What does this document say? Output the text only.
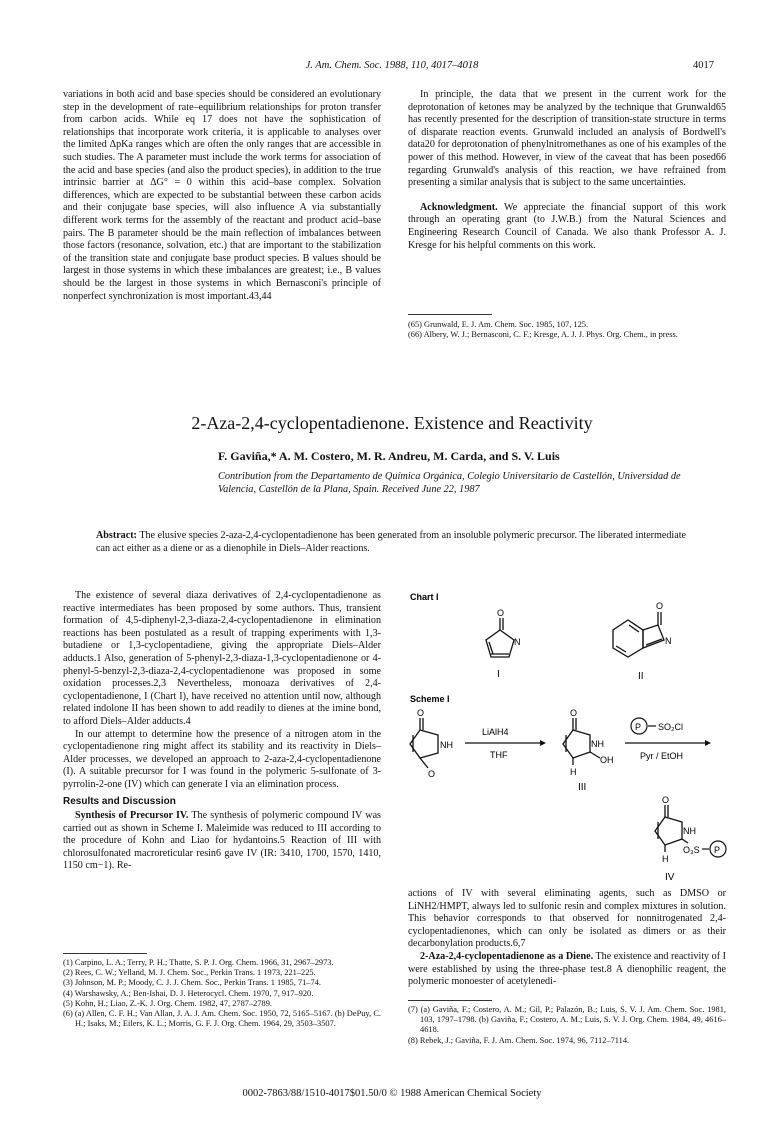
J. Am. Chem. Soc. 1988, 110, 4017–4018	4017

variations in both acid and base species should be considered an evolutionary step in the development of rate–equilibrium relationships for proton transfer from carbon acids. While eq 17 does not have the sophistication of relationships that incorporate work criteria, it is applicable to analyses over the limited ΔpKa ranges which are often the only ranges that are accessible in such studies. The A parameter must include the work terms for association of the acid and base species (and also the product species), in addition to the true intrinsic barrier at ΔG° = 0 within this acid–base complex. Solvation differences, which are expected to be substantial between these carbon acids and their conjugate base species, will also influence A via substantially different work terms for the assembly of the reactant and product acid–base pairs. The B parameter should be the main reflection of imbalances between those factors (resonance, solvation, etc.) that are important to the stabilization of the transition state and conjugate base product species. B values should be largest in those systems in which these imbalances are greatest; i.e., B values should be the largest in those systems in which Bernasconi's principle of nonperfect synchronization is most important.43,44

In principle, the data that we present in the current work for the deprotonation of ketones may be analyzed by the technique that Grunwald65 has recently presented for the description of transition-state structure in terms of disparate reaction events. Grunwald included an analysis of Bordwell's data20 for deprotonation of phenylnitromethanes as one of his examples of the power of this method. However, in view of the caveat that has been posed66 regarding Grunwald's analysis of this reaction, we have refrained from presenting a similar analysis that is subject to the same uncertainties.

Acknowledgment. We appreciate the financial support of this work through an operating grant (to J.W.B.) from the Natural Sciences and Engineering Research Council of Canada. We also thank Professor A. J. Kresge for his helpful comments on this work.

(65) Grunwald, E. J. Am. Chem. Soc. 1985, 107, 125.

(66) Albery, W. J.; Bernasconi, C. F.; Kresge, A. J. J. Phys. Org. Chem., in press.

2-Aza-2,4-cyclopentadienone. Existence and Reactivity
F. Gaviña,* A. M. Costero, M. R. Andreu, M. Carda, and S. V. Luis
Contribution from the Departamento de Química Orgánica, Colegio Universitario de Castellón, Universidad de Valencia, Castellón de la Plana, Spain. Received June 22, 1987
Abstract: The elusive species 2-aza-2,4-cyclopentadienone has been generated from an insoluble polymeric precursor. The liberated intermediate can act either as a diene or as a dienophile in Diels–Alder reactions.

The existence of several diaza derivatives of 2,4-cyclopentadienone as reactive intermediates has been proposed by some authors. Thus, transient formation of 4,5-diphenyl-2,3-diaza-2,4-cyclopentadienone in elimination reactions has been postulated as a result of trapping experiments with 1,3-butadiene or 1,3-cyclopentadiene, giving the appropriate Diels–Alder adducts.1 Also, generation of 5-phenyl-2,3-diaza-1,3-cyclopentadienone or 4-phenyl-5-benzyl-2,3-diaza-2,4-cyclopentadienone was proposed in some oxidation processes.2,3 Nevertheless, monoaza derivatives of 2,4-cyclopentadienone, I (Chart I), have received no attention until now, although related indolone II has been shown to add readily to dienes at the imine bond, to afford Diels–Alder adducts.4

In our attempt to determine how the presence of a nitrogen atom in the cyclopentadienone ring might affect its stability and its reactivity in Diels–Alder processes, we developed an approach to 2-aza-2,4-cyclopentadienone (I). A suitable precursor for I was found in the polymeric 5-sulfonate of 3-pyrrolin-2-one (IV) which can generate I via an elimination process.

Results and Discussion

Synthesis of Precursor IV. The synthesis of polymeric compound IV was carried out as shown in Scheme I. Maleimide was reduced to III according to the procedure of Kohn and Liao for hydantoins.5 Reaction of III with chlorosulfonated macroreticular resin6 gave IV (IR: 3410, 1700, 1570, 1410, 1150 cm−1). Re-

(1) Carpino, L. A.; Terry, P. H.; Thatte, S. P. J. Org. Chem. 1966, 31, 2967–2973.

(2) Rees, C. W.; Yelland, M. J. Chem. Soc., Perkin Trans. 1 1973, 221–225.

(3) Johnson, M. P.; Moody, C. J. J. Chem. Soc., Perkin Trans. 1 1985, 71–74.

(4) Warshawsky, A.; Ben-Ishai, D. J. Heterocycl. Chem. 1970, 7, 917–920.

(5) Kohn, H.; Liao, Z.-K. J. Org. Chem. 1982, 47, 2787–2789.

(6) (a) Allen, C. F. H.; Van Allan, J. A. J. Am. Chem. Soc. 1950, 72, 5165–5167. (b) DePuy, C. H.; Isaks, M.; Eilers, K. L.; Morris, G. F. J. Org. Chem. 1964, 29, 3503–3507.

Chart I
O
N
I
O
N
II
Scheme I
O
NH
O
LiAlH4
THF
O
NH
OH
H
III
P SO₂Cl
Pyr / EtOH
O
NH
O₃S P
H
IV

actions of IV with several eliminating agents, such as DMSO or LiNH2/HMPT, always led to sulfonic resin and complex mixtures in solution. This behavior corresponds to that observed for nonnitrogenated 2,4-cyclopentadienones, which can only be isolated as dimers or as their decarbonylation products.6,7

2-Aza-2,4-cyclopentadienone as a Diene. The existence and reactivity of I were established by using the three-phase test.8 A dienophilic reagent, the polymeric monoester of acetylenedi-

(7) (a) Gaviña, F.; Costero, A. M.; Gil, P.; Palazón, B.; Luis, S. V. J. Am. Chem. Soc. 1981, 103, 1797–1798. (b) Gaviña, F.; Costero, A. M.; Luis, S. V. J. Org. Chem. 1984, 49, 4616–4618.

(8) Rebek, J.; Gaviña, F. J. Am. Chem. Soc. 1974, 96, 7112–7114.

0002-7863/88/1510-4017$01.50/0 © 1988 American Chemical Society
